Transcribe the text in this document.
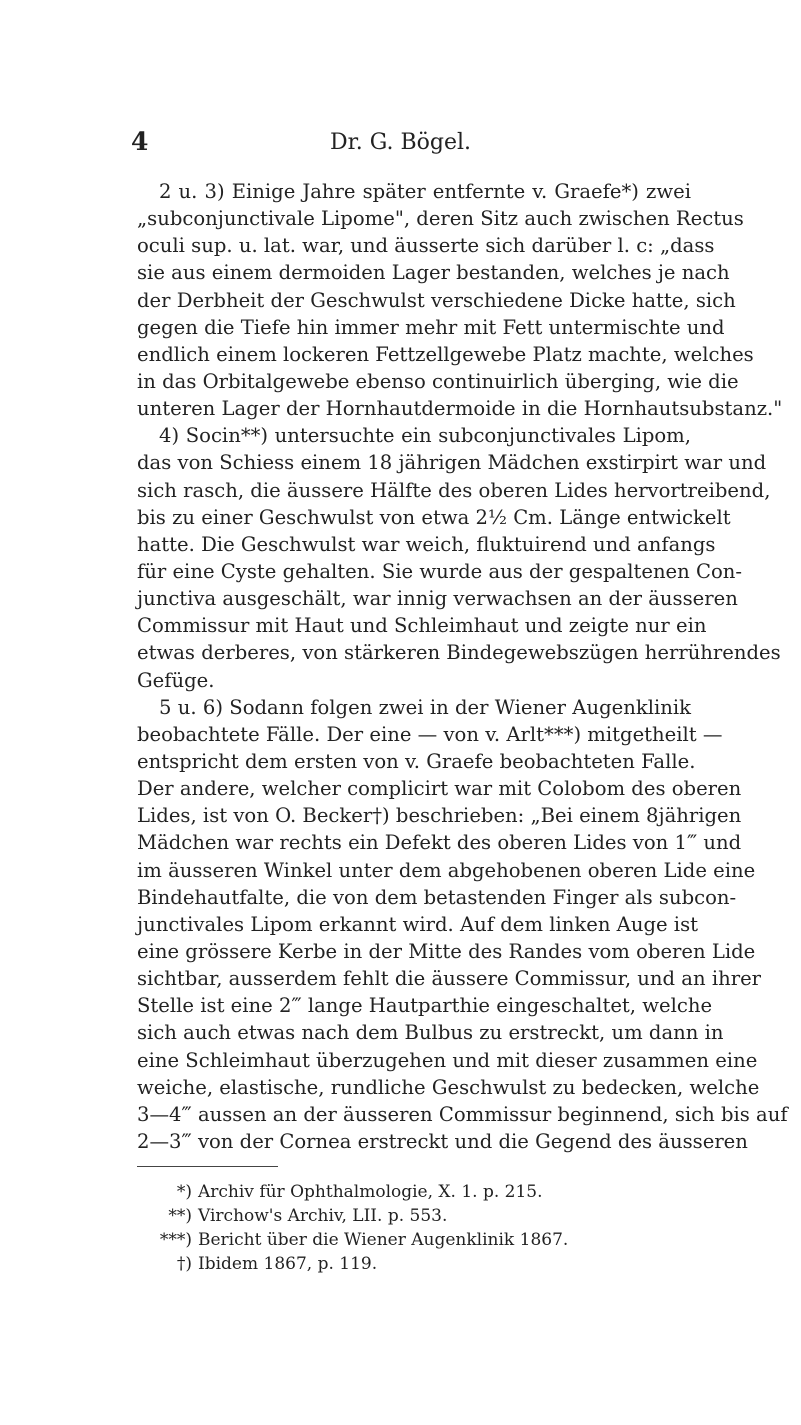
4	Dr. G. Bögel.
2 u. 3) Einige Jahre später entfernte v. Graefe*) zwei
„subconjunctivale Lipome", deren Sitz auch zwischen Rectus
oculi sup. u. lat. war, und äusserte sich darüber l. c: „dass
sie aus einem dermoiden Lager bestanden, welches je nach
der Derbheit der Geschwulst verschiedene Dicke hatte, sich
gegen die Tiefe hin immer mehr mit Fett untermischte und
endlich einem lockeren Fettzellgewebe Platz machte, welches
in das Orbitalgewebe ebenso continuirlich überging, wie die
unteren Lager der Hornhautdermoide in die Hornhautsubstanz."
4) Socin**) untersuchte ein subconjunctivales Lipom,
das von Schiess einem 18 jährigen Mädchen exstirpirt war und
sich rasch, die äussere Hälfte des oberen Lides hervortreibend,
bis zu einer Geschwulst von etwa 2½ Cm. Länge entwickelt
hatte. Die Geschwulst war weich, fluktuirend und anfangs
für eine Cyste gehalten. Sie wurde aus der gespaltenen Con-
junctiva ausgeschält, war innig verwachsen an der äusseren
Commissur mit Haut und Schleimhaut und zeigte nur ein
etwas derberes, von stärkeren Bindegewebszügen herrührendes
Gefüge.
5 u. 6) Sodann folgen zwei in der Wiener Augenklinik
beobachtete Fälle. Der eine — von v. Arlt***) mitgetheilt —
entspricht dem ersten von v. Graefe beobachteten Falle.
Der andere, welcher complicirt war mit Colobom des oberen
Lides, ist von O. Becker†) beschrieben: „Bei einem 8jährigen
Mädchen war rechts ein Defekt des oberen Lides von 1‴ und
im äusseren Winkel unter dem abgehobenen oberen Lide eine
Bindehautfalte, die von dem betastenden Finger als subcon-
junctivales Lipom erkannt wird. Auf dem linken Auge ist
eine grössere Kerbe in der Mitte des Randes vom oberen Lide
sichtbar, ausserdem fehlt die äussere Commissur, und an ihrer
Stelle ist eine 2‴ lange Hautparthie eingeschaltet, welche
sich auch etwas nach dem Bulbus zu erstreckt, um dann in
eine Schleimhaut überzugehen und mit dieser zusammen eine
weiche, elastische, rundliche Geschwulst zu bedecken, welche
3—4‴ aussen an der äusseren Commissur beginnend, sich bis auf
2—3‴ von der Cornea erstreckt und die Gegend des äusseren
*) Archiv für Ophthalmologie, X. 1. p. 215.
**) Virchow's Archiv, LII. p. 553.
***) Bericht über die Wiener Augenklinik 1867.
†) Ibidem 1867, p. 119.
